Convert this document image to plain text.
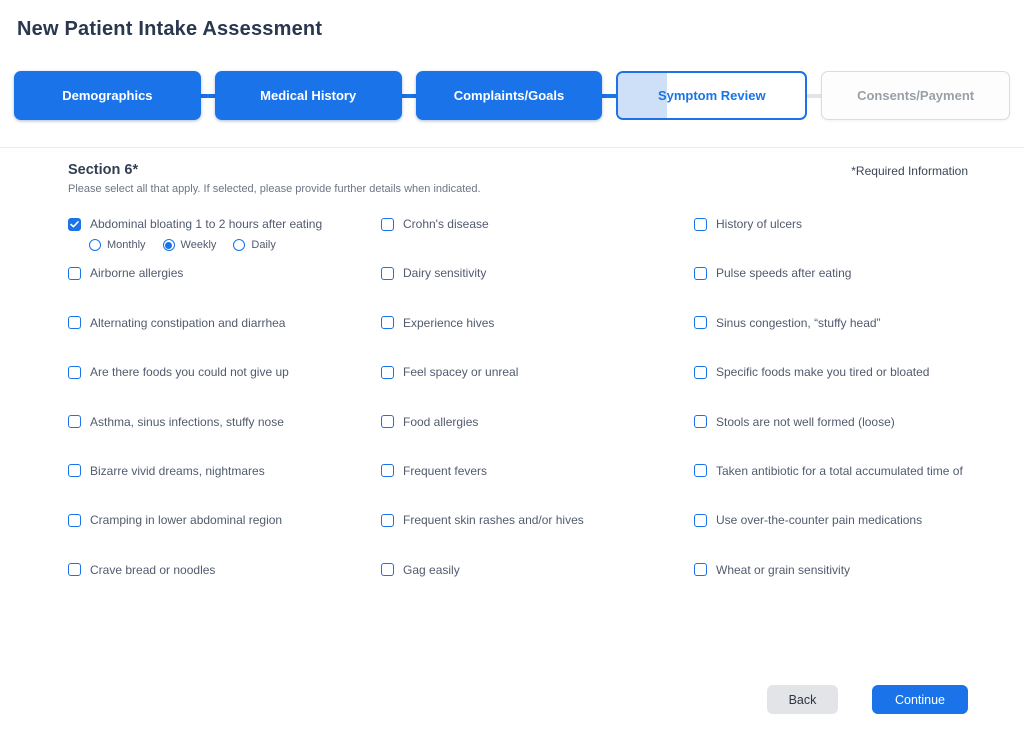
New Patient Intake Assessment
Demographics	Medical History	Complaints/Goals	Symptom Review	Consents/Payment
Section 6*
Please select all that apply. If selected, please provide further details when indicated.
*Required Information
Abdominal bloating 1 to 2 hours after eating
Monthly	Weekly	Daily
Airborne allergies
Alternating constipation and diarrhea
Are there foods you could not give up
Asthma, sinus infections, stuffy nose
Bizarre vivid dreams, nightmares
Cramping in lower abdominal region
Crave bread or noodles
Crohn's disease
Dairy sensitivity
Experience hives
Feel spacey or unreal
Food allergies
Frequent fevers
Frequent skin rashes and/or hives
Gag easily
History of ulcers
Pulse speeds after eating
Sinus congestion, “stuffy head”
Specific foods make you tired or bloated
Stools are not well formed (loose)
Taken antibiotic for a total accumulated time of
Use over-the-counter pain medications
Wheat or grain sensitivity
Back	Continue
